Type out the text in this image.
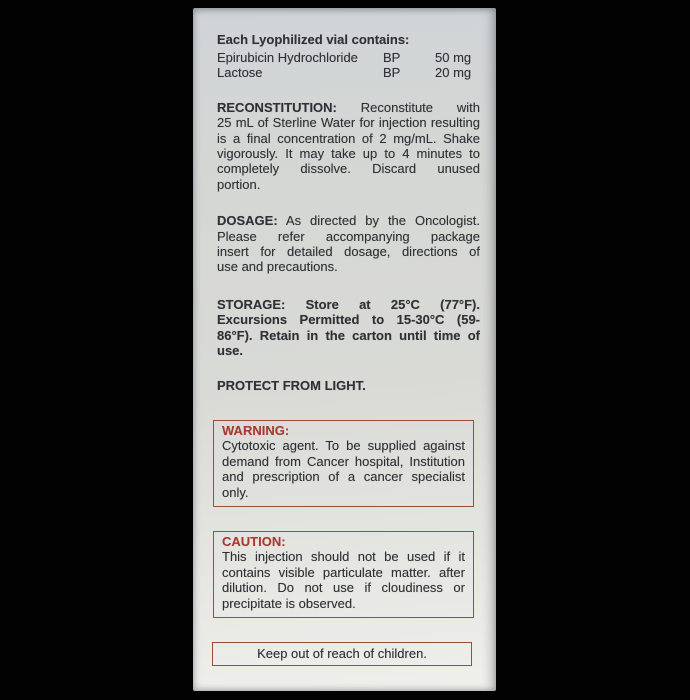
Each Lyophilized vial contains:
Epirubicin Hydrochloride	BP	50 mg
Lactose	BP	20 mg
RECONSTITUTION: Reconstitute with
25 mL of Sterline Water for injection resulting
is a final concentration of 2 mg/mL. Shake
vigorously. It may take up to 4 minutes to
completely dissolve. Discard unused
portion.
DOSAGE: As directed by the Oncologist.
Please refer accompanying package
insert for detailed dosage, directions of
use and precautions.
STORAGE: Store at 25°C (77°F).
Excursions Permitted to 15-30°C (59-
86°F). Retain in the carton until time of
use.
PROTECT FROM LIGHT.
WARNING:
Cytotoxic agent. To be supplied against
demand from Cancer hospital, Institution
and prescription of a cancer specialist
only.
CAUTION:
This injection should not be used if it
contains visible particulate matter. after
dilution. Do not use if cloudiness or
precipitate is observed.
Keep out of reach of children.
